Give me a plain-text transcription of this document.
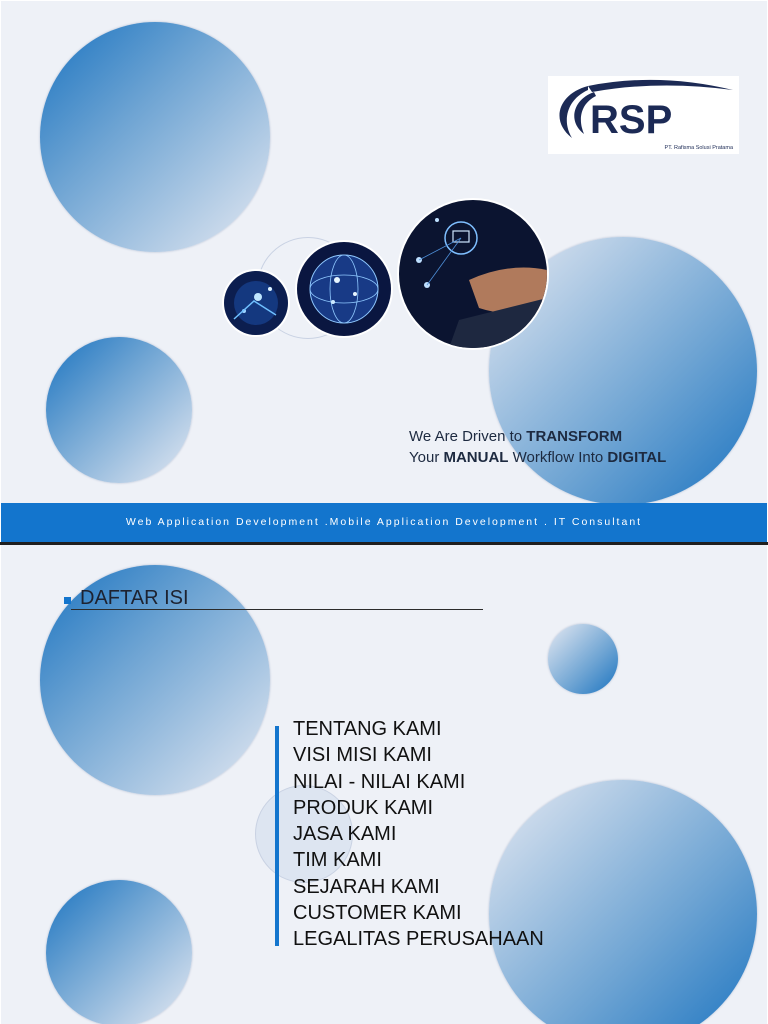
RSP
PT. Rafisma Solusi Pratama
We Are Driven to TRANSFORM
Your MANUAL Workflow Into DIGITAL
Web Application Development .Mobile Application Development . IT Consultant
DAFTAR ISI
TENTANG KAMI
VISI MISI KAMI
NILAI - NILAI KAMI
PRODUK KAMI
JASA KAMI
TIM KAMI
SEJARAH KAMI
CUSTOMER KAMI
LEGALITAS PERUSAHAAN
